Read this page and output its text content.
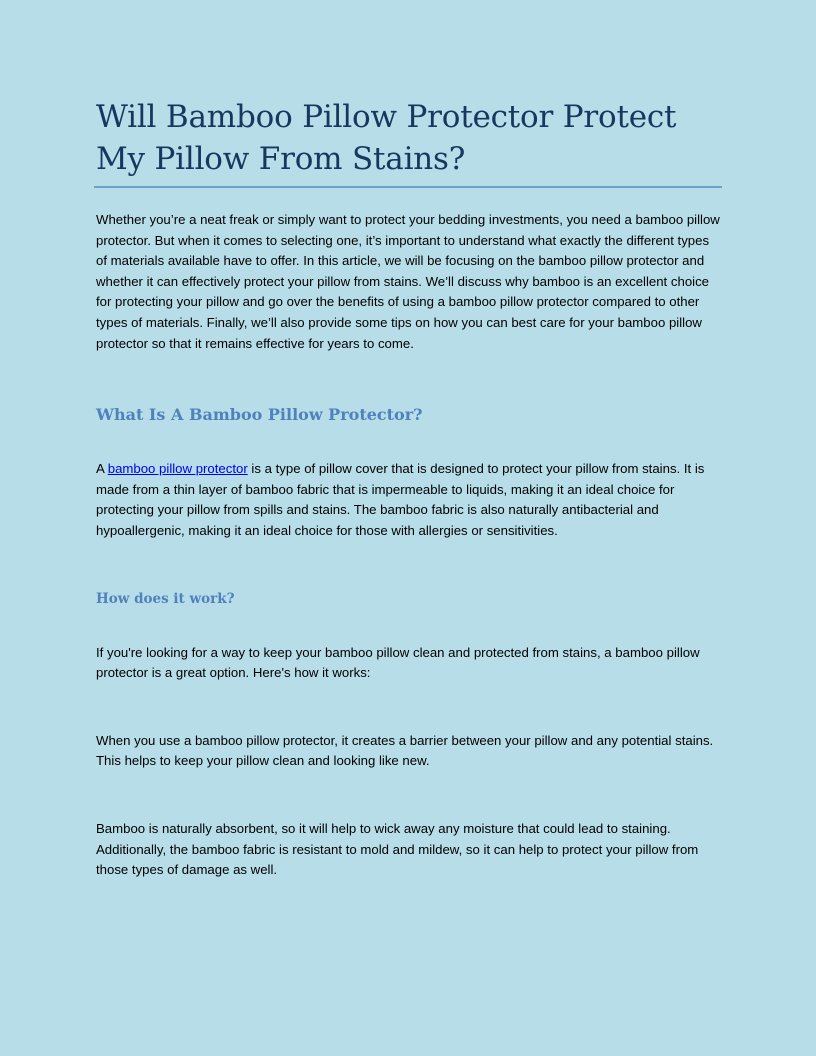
Will Bamboo Pillow Protector Protect My Pillow From Stains?

Whether you’re a neat freak or simply want to protect your bedding investments, you need a bamboo pillow protector. But when it comes to selecting one, it’s important to understand what exactly the different types of materials available have to offer. In this article, we will be focusing on the bamboo pillow protector and whether it can effectively protect your pillow from stains. We’ll discuss why bamboo is an excellent choice for protecting your pillow and go over the benefits of using a bamboo pillow protector compared to other types of materials. Finally, we’ll also provide some tips on how you can best care for your bamboo pillow protector so that it remains effective for years to come.

What Is A Bamboo Pillow Protector?

A bamboo pillow protector is a type of pillow cover that is designed to protect your pillow from stains. It is made from a thin layer of bamboo fabric that is impermeable to liquids, making it an ideal choice for protecting your pillow from spills and stains. The bamboo fabric is also naturally antibacterial and hypoallergenic, making it an ideal choice for those with allergies or sensitivities.

How does it work?

If you're looking for a way to keep your bamboo pillow clean and protected from stains, a bamboo pillow protector is a great option. Here's how it works:

When you use a bamboo pillow protector, it creates a barrier between your pillow and any potential stains. This helps to keep your pillow clean and looking like new.

Bamboo is naturally absorbent, so it will help to wick away any moisture that could lead to staining. Additionally, the bamboo fabric is resistant to mold and mildew, so it can help to protect your pillow from those types of damage as well.
